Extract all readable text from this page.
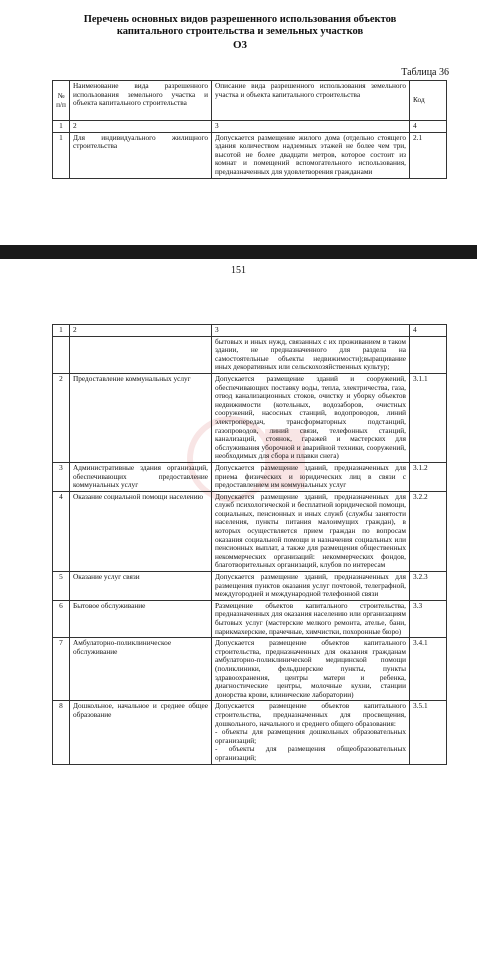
Перечень основных видов разрешенного использования объектов
капитального строительства и земельных участков
О3
Таблица 36
№ п/п	Наименование вида разрешенного использования земельного участка и объекта капитального строительства	Описание вида разрешенного использования земельного участка и объекта капитального строительства	Код
1	2	3	4
1	Для индивидуального жилищного строительства	Допускается размещение жилого дома (отдельно стоящего здания количеством надземных этажей не более чем три, высотой не более двадцати метров, которое состоит из комнат и помещений вспомогательного использования, предназначенных для удовлетворения гражданами	2.1
151
1	2	3	4
		бытовых и иных нужд, связанных с их проживанием в таком здании, не предназначенного для раздела на самостоятельные объекты недвижимости);выращивание иных декоративных или сельскохозяйственных культур;	
2	Предоставление коммунальных услуг	Допускается размещение зданий и сооружений, обеспечивающих поставку воды, тепла, электричества, газа, отвод канализационных стоков, очистку и уборку объектов недвижимости (котельных, водозаборов, очистных сооружений, насосных станций, водопроводов, линий электропередач, трансформаторных подстанций, газопроводов, линий связи, телефонных станций, канализаций, стоянок, гаражей и мастерских для обслуживания уборочной и аварийной техники, сооружений, необходимых для сбора и плавки снега)	3.1.1
3	Административные здания организаций, обеспечивающих предоставление коммунальных услуг	Допускается размещение зданий, предназначенных для приема физических и юридических лиц в связи с предоставлением им коммунальных услуг	3.1.2
4	Оказание социальной помощи населению	Допускается размещение зданий, предназначенных для служб психологической и бесплатной юридической помощи, социальных, пенсионных и иных служб (службы занятости населения, пункты питания малоимущих граждан), в которых осуществляется прием граждан по вопросам оказания социальной помощи и назначения социальных или пенсионных выплат, а также для размещения общественных некоммерческих организаций: некоммерческих фондов, благотворительных организаций, клубов по интересам	3.2.2
5	Оказание услуг связи	Допускается размещение зданий, предназначенных для размещения пунктов оказания услуг почтовой, телеграфной, междугородней и международной телефонной связи	3.2.3
6	Бытовое обслуживание	Размещение объектов капитального строительства, предназначенных для оказания населению или организациям бытовых услуг (мастерские мелкого ремонта, ателье, бани, парикмахерские, прачечные, химчистки, похоронные бюро)	3.3
7	Амбулаторно-поликлиническое обслуживание	Допускается размещение объектов капитального строительства, предназначенных для оказания гражданам амбулаторно-поликлинической медицинской помощи (поликлиники, фельдшерские пункты, пункты здравоохранения, центры матери и ребенка, диагностические центры, молочные кухни, станции донорства крови, клинические лаборатории)	3.4.1
8	Дошкольное, начальное и среднее общее образование	Допускается размещение объектов капитального строительства, предназначенных для просвещения, дошкольного, начального и среднего общего образования:
- объекты для размещения дошкольных образовательных организаций;
- объекты для размещения общеобразовательных организаций;	3.5.1
